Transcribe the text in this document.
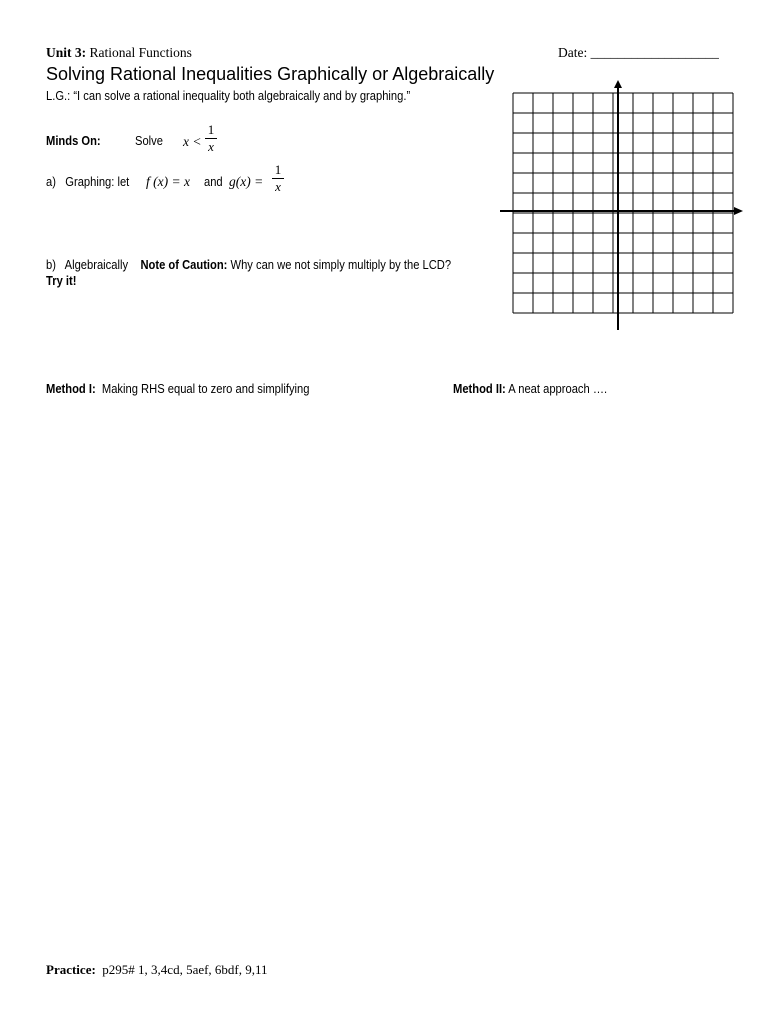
Unit 3: Rational Functions	Date: ___________________
Solving Rational Inequalities Graphically or Algebraically
L.G.: “I can solve a rational inequality both algebraically and by graphing.”
Minds On:	Solve x <
1
x
a) Graphing: let f (x) = x and g(x) =
1
x
b) Algebraically Note of Caution: Why can we not simply multiply by the LCD?
Try it!
Method I: Making RHS equal to zero and simplifying	Method II: A neat approach ….
Practice: p295# 1, 3,4cd, 5aef, 6bdf, 9,11
